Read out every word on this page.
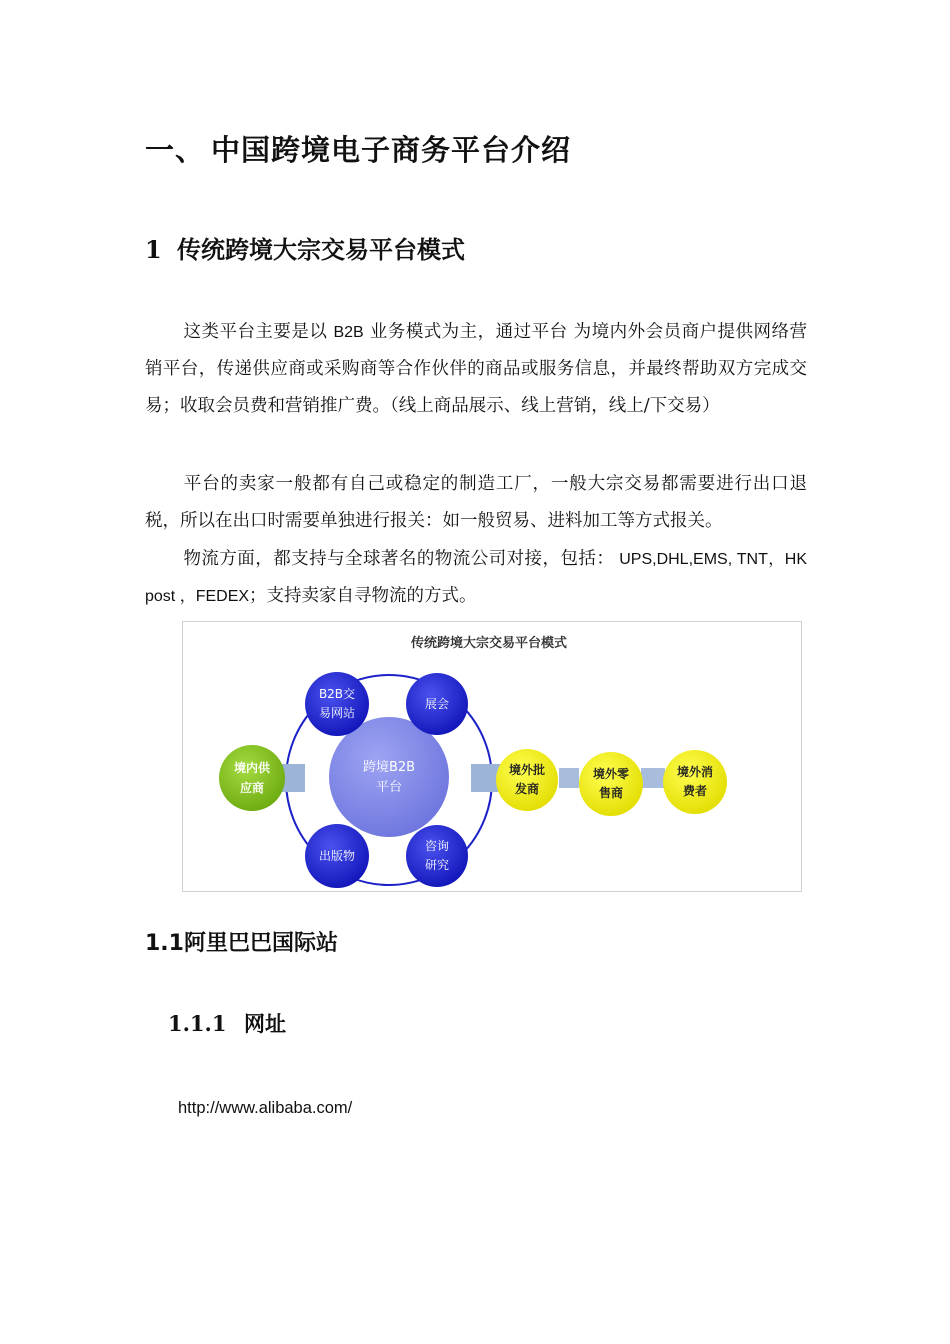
一、 中国跨境电子商务平台介绍
1 传统跨境大宗交易平台模式
这类平台主要是以 B2B 业务模式为主，通过平台 为境内外会员商户提供网络营销平台，传递供应商或采购商等合作伙伴的商品或服务信息，并最终帮助双方完成交易；收取会员费和营销推广费。（线上商品展示、线上营销，线上/下交易）
平台的卖家一般都有自己或稳定的制造工厂，一般大宗交易都需要进行出口退税，所以在出口时需要单独进行报关：如一般贸易、进料加工等方式报关。
物流方面，都支持与全球著名的物流公司对接，包括： UPS,DHL,EMS, TNT，HK post ，FEDEX；支持卖家自寻物流的方式。
传统跨境大宗交易平台模式
跨境B2B
平台
B2B交
易网站
展会
出版物
咨询
研究
境内供
应商
境外批
发商
境外零
售商
境外消
费者
1.1阿里巴巴国际站
1.1.1 网址
http://www.alibaba.com/
